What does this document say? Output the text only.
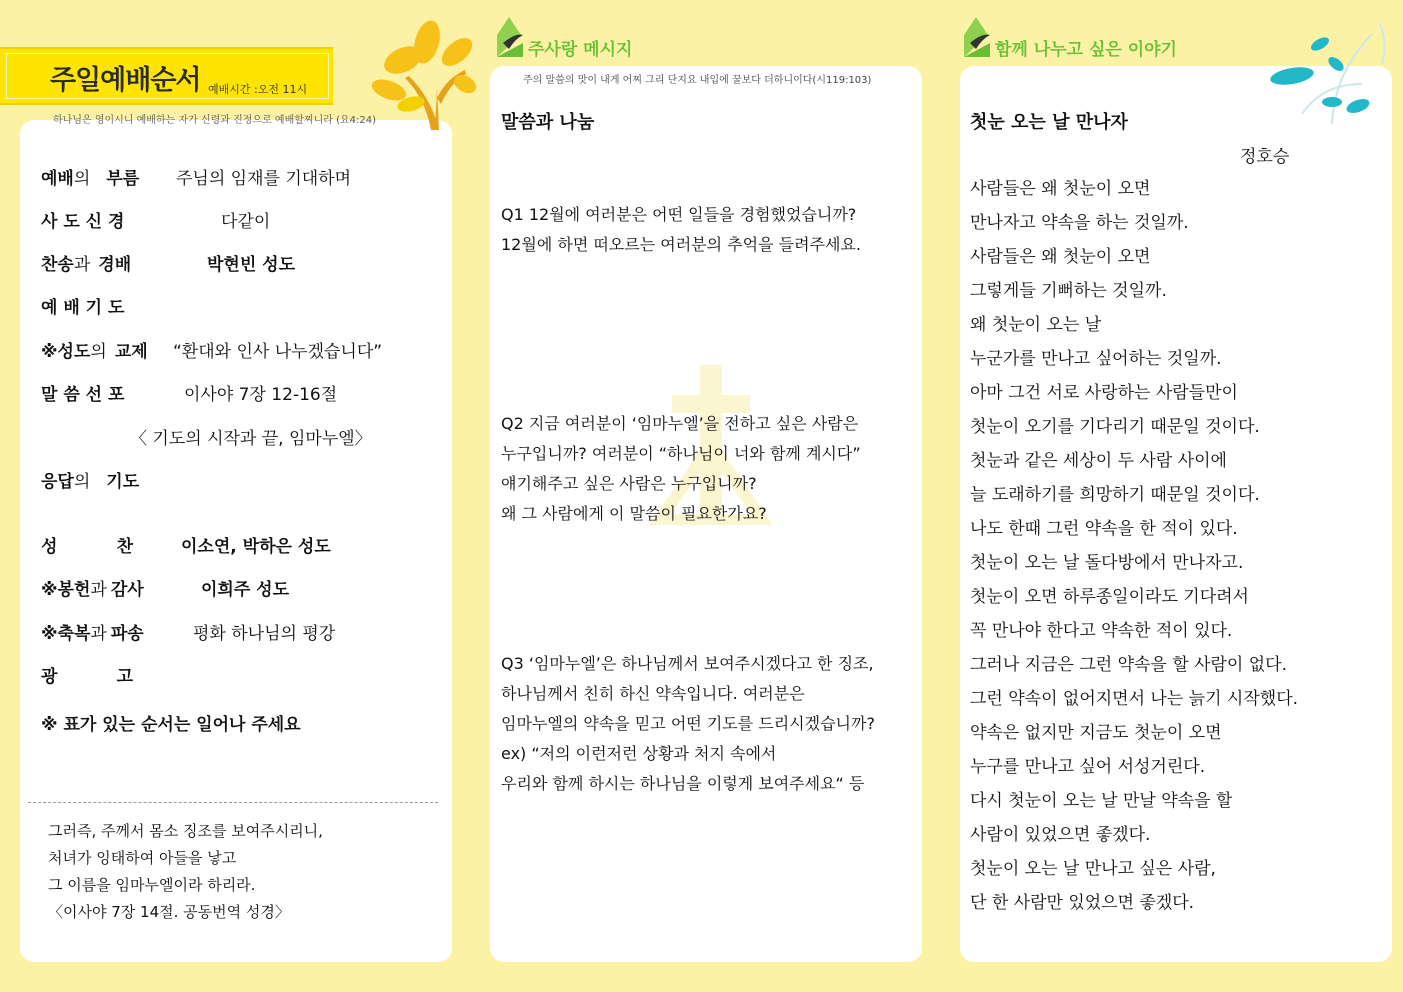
주일예배순서 예배시간 :오전 11시
하나님은 영이시니 예배하는 자가 신령과 진정으로 예배할찌니라 (요4:24)
예배의 부름 주님의 임재를 기대하며
사 도 신 경	다같이
찬송과 경배	박현빈 성도
예 배 기 도
※성도의 교제 “환대와 인사 나누겠습니다”
말 씀 선 포	이사야 7장 12-16절
응답의 기도
성          찬	이소연, 박하은 성도
※봉헌과 감사	이희주 성도
※축복과 파송	평화 하나님의 평강
광          고
〈 기도의 시작과 끝, 임마누엘〉
※ 표가 있는 순서는 일어나 주세요
그러즉, 주께서 몸소 징조를 보여주시리니,
처녀가 잉태하여 아들을 낳고
그 이름을 임마누엘이라 하리라.
〈이사야 7장 14절. 공동번역 성경〉
주사랑 메시지
주의 말씀의 맛이 내게 어찌 그리 단지요 내입에 꿀보다 더하니이다(시119:103)
말씀과 나눔
Q1 12월에 여러분은 어떤 일들을 경험했었습니까?
12월에 하면 떠오르는 여러분의 추억을 들려주세요.
Q2 지금 여러분이 ‘임마누엘’을 전하고 싶은 사람은
누구입니까? 여러분이 “하나님이 너와 함께 계시다”
얘기해주고 싶은 사람은 누구입니까?
왜 그 사람에게 이 말씀이 필요한가요?
Q3 ‘임마누엘’은 하나님께서 보여주시겠다고 한 징조,
하나님께서 친히 하신 약속입니다. 여러분은
임마누엘의 약속을 믿고 어떤 기도를 드리시겠습니까?
ex) “저의 이런저런 상황과 처지 속에서
우리와 함께 하시는 하나님을 이렇게 보여주세요“ 등
함께 나누고 싶은 이야기
첫눈 오는 날 만나자
정호승
사람들은 왜 첫눈이 오면
만나자고 약속을 하는 것일까.
사람들은 왜 첫눈이 오면
그렇게들 기뻐하는 것일까.
왜 첫눈이 오는 날
누군가를 만나고 싶어하는 것일까.
아마 그건 서로 사랑하는 사람들만이
첫눈이 오기를 기다리기 때문일 것이다.
첫눈과 같은 세상이 두 사람 사이에
늘 도래하기를 희망하기 때문일 것이다.
나도 한때 그런 약속을 한 적이 있다.
첫눈이 오는 날 돌다방에서 만나자고.
첫눈이 오면 하루종일이라도 기다려서
꼭 만나야 한다고 약속한 적이 있다.
그러나 지금은 그런 약속을 할 사람이 없다.
그런 약속이 없어지면서 나는 늙기 시작했다.
약속은 없지만 지금도 첫눈이 오면
누구를 만나고 싶어 서성거린다.
다시 첫눈이 오는 날 만날 약속을 할
사람이 있었으면 좋겠다.
첫눈이 오는 날 만나고 싶은 사람,
단 한 사람만 있었으면 좋겠다.
